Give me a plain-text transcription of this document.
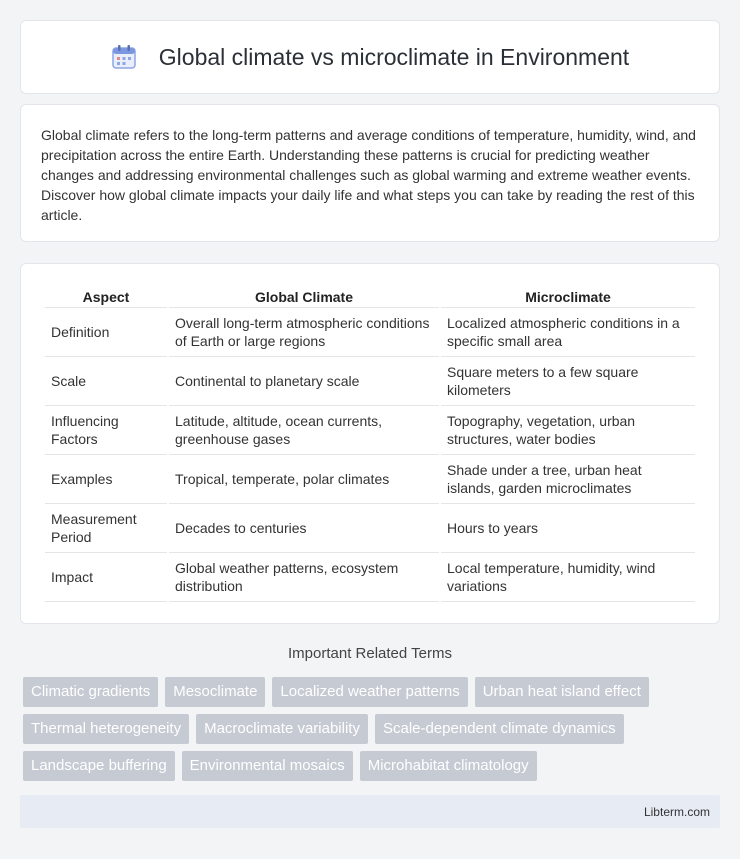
Global climate vs microclimate in Environment

Global climate refers to the long-term patterns and average conditions of temperature, humidity, wind, and precipitation across the entire Earth. Understanding these patterns is crucial for predicting weather changes and addressing environmental challenges such as global warming and extreme weather events. Discover how global climate impacts your daily life and what steps you can take by reading the rest of this article.

Aspect	Global Climate	Microclimate
Definition	Overall long-term atmospheric conditions of Earth or large regions	Localized atmospheric conditions in a specific small area
Scale	Continental to planetary scale	Square meters to a few square kilometers
Influencing Factors	Latitude, altitude, ocean currents, greenhouse gases	Topography, vegetation, urban structures, water bodies
Examples	Tropical, temperate, polar climates	Shade under a tree, urban heat islands, garden microclimates
Measurement Period	Decades to centuries	Hours to years
Impact	Global weather patterns, ecosystem distribution	Local temperature, humidity, wind variations
Important Related Terms
Climatic gradients	Mesoclimate	Localized weather patterns	Urban heat island effect
Thermal heterogeneity	Macroclimate variability	Scale-dependent climate dynamics
Landscape buffering	Environmental mosaics	Microhabitat climatology
Libterm.com
